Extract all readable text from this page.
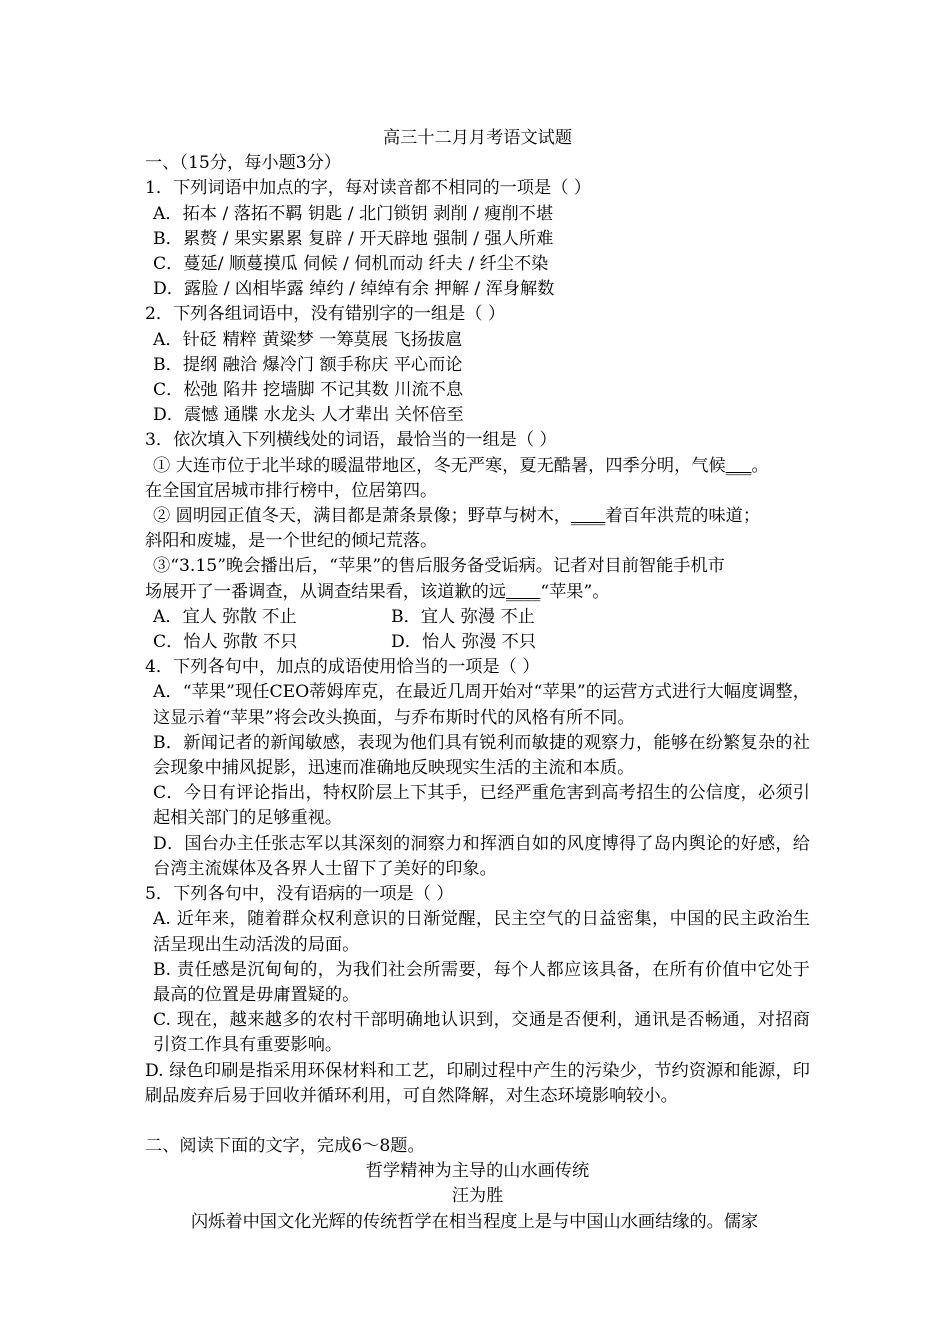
高三十二月月考语文试题
一、（15分，每小题3分）
1．下列词语中加点的字，每对读音都不相同的一项是（ ）
A．拓本 / 落拓不羁 钥匙 / 北门锁钥 剥削 / 瘦削不堪
B．累赘 / 果实累累 复辟 / 开天辟地 强制 / 强人所难
C．蔓延/ 顺蔓摸瓜 伺候 / 伺机而动 纤夫 / 纤尘不染
D．露脸 / 凶相毕露 绰约 / 绰绰有余 押解 / 浑身解数
2．下列各组词语中，没有错别字的一组是（ ）
A．针砭 精粹 黄粱梦 一筹莫展 飞扬拔扈
B．提纲 融洽 爆冷门 额手称庆 平心而论
C．松弛 陷井 挖墙脚 不记其数 川流不息
D．震憾 通牒 水龙头 人才辈出 关怀倍至
3．依次填入下列横线处的词语，最恰当的一组是（ ）
① 大连市位于北半球的暖温带地区，冬无严寒，夏无酷暑，四季分明，气候___。
在全国宜居城市排行榜中，位居第四。
② 圆明园正值冬天，满目都是萧条景像；野草与树木，____着百年洪荒的味道；
斜阳和废墟，是一个世纪的倾圮荒落。
③“3.15”晚会播出后，“苹果”的售后服务备受诟病。记者对目前智能手机市
场展开了一番调查，从调查结果看，该道歉的远____“苹果”。
A．宜人 弥散 不止	B．宜人 弥漫 不止
C．怡人 弥散 不只	D．怡人 弥漫 不只
4．下列各句中，加点的成语使用恰当的一项是（ ）
A．“苹果”现任CEO蒂姆库克，在最近几周开始对“苹果”的运营方式进行大幅度调整，这显示着“苹果”将会改头换面，与乔布斯时代的风格有所不同。
B．新闻记者的新闻敏感，表现为他们具有锐利而敏捷的观察力，能够在纷繁复杂的社会现象中捕风捉影，迅速而准确地反映现实生活的主流和本质。
C．今日有评论指出，特权阶层上下其手，已经严重危害到高考招生的公信度，必须引起相关部门的足够重视。
D．国台办主任张志军以其深刻的洞察力和挥洒自如的风度博得了岛内舆论的好感，给台湾主流媒体及各界人士留下了美好的印象。
5．下列各句中，没有语病的一项是（ ）
A. 近年来，随着群众权利意识的日渐觉醒，民主空气的日益密集，中国的民主政治生活呈现出生动活泼的局面。
B. 责任感是沉甸甸的，为我们社会所需要，每个人都应该具备，在所有价值中它处于最高的位置是毋庸置疑的。
C. 现在，越来越多的农村干部明确地认识到，交通是否便利，通讯是否畅通，对招商引资工作具有重要影响。
D. 绿色印刷是指采用环保材料和工艺，印刷过程中产生的污染少，节约资源和能源，印刷品废弃后易于回收并循环利用，可自然降解，对生态环境影响较小。
二、阅读下面的文字，完成6～8题。
哲学精神为主导的山水画传统
汪为胜
闪烁着中国文化光辉的传统哲学在相当程度上是与中国山水画结缘的。儒家
